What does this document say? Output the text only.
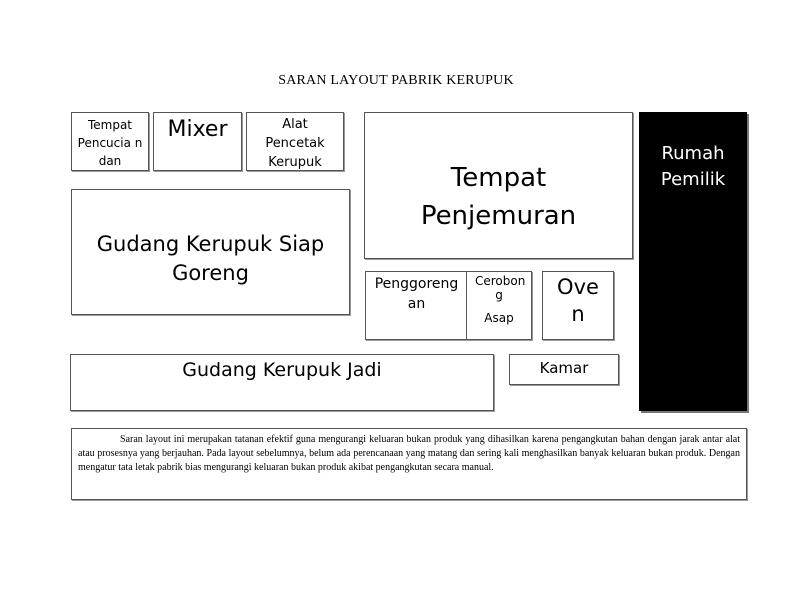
SARAN LAYOUT PABRIK KERUPUK
Tempat Pencucia n dan
Mixer	Alat Pencetak Kerupuk
Tempat Penjemuran
Rumah Pemilik
Gudang Kerupuk Siap Goreng	Penggoreng an
Cerobon g
Asap
Ove n
Gudang Kerupuk Jadi	Kamar
Saran layout ini merupakan tatanan efektif guna mengurangi keluaran bukan produk yang dihasilkan karena pengangkutan bahan dengan jarak antar alat atau prosesnya yang berjauhan. Pada layout sebelumnya, belum ada perencanaan yang matang dan sering kali menghasilkan banyak keluaran bukan produk. Dengan mengatur tata letak pabrik bias mengurangi keluaran bukan produk akibat pengangkutan secara manual.
